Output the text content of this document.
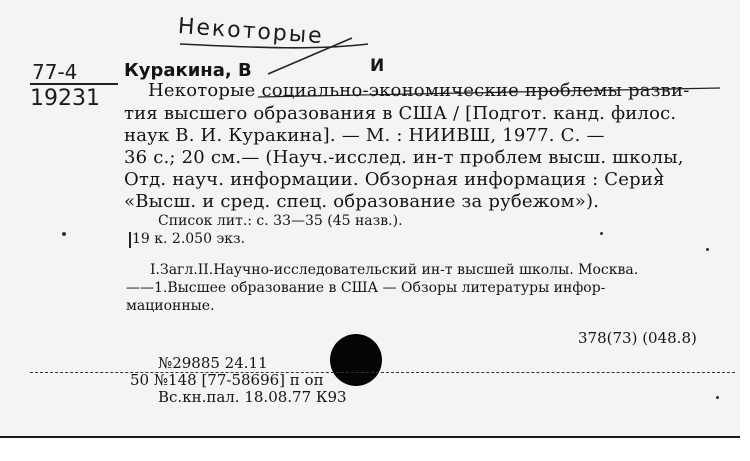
Некоторые
77-4
19231
Куракина, В	И
Некоторые социально-экономические проблемы разви-
тия высшего образования в США / [Подгот. канд. филос.
наук В. И. Куракина]. — М. : НИИВШ, 1977. С. —
36 с.; 20 см.— (Науч.-исслед. ин-т проблем высш. школы,
Отд. науч. информации. Обзорная информация : Серия
«Высш. и сред. спец. образование за рубежом»).
Список лит.: с. 33—35 (45 назв.).
19 к. 2.050 экз.
I.Загл.II.Научно-исследовательский ин-т высшей школы. Москва.
——1.Высшее образование в США — Обзоры литературы инфор-
мационные.
378(73) (048.8)
№29885 24.11
50 №148 [77-58696] п оп
Вс.кн.пал. 18.08.77 К93
